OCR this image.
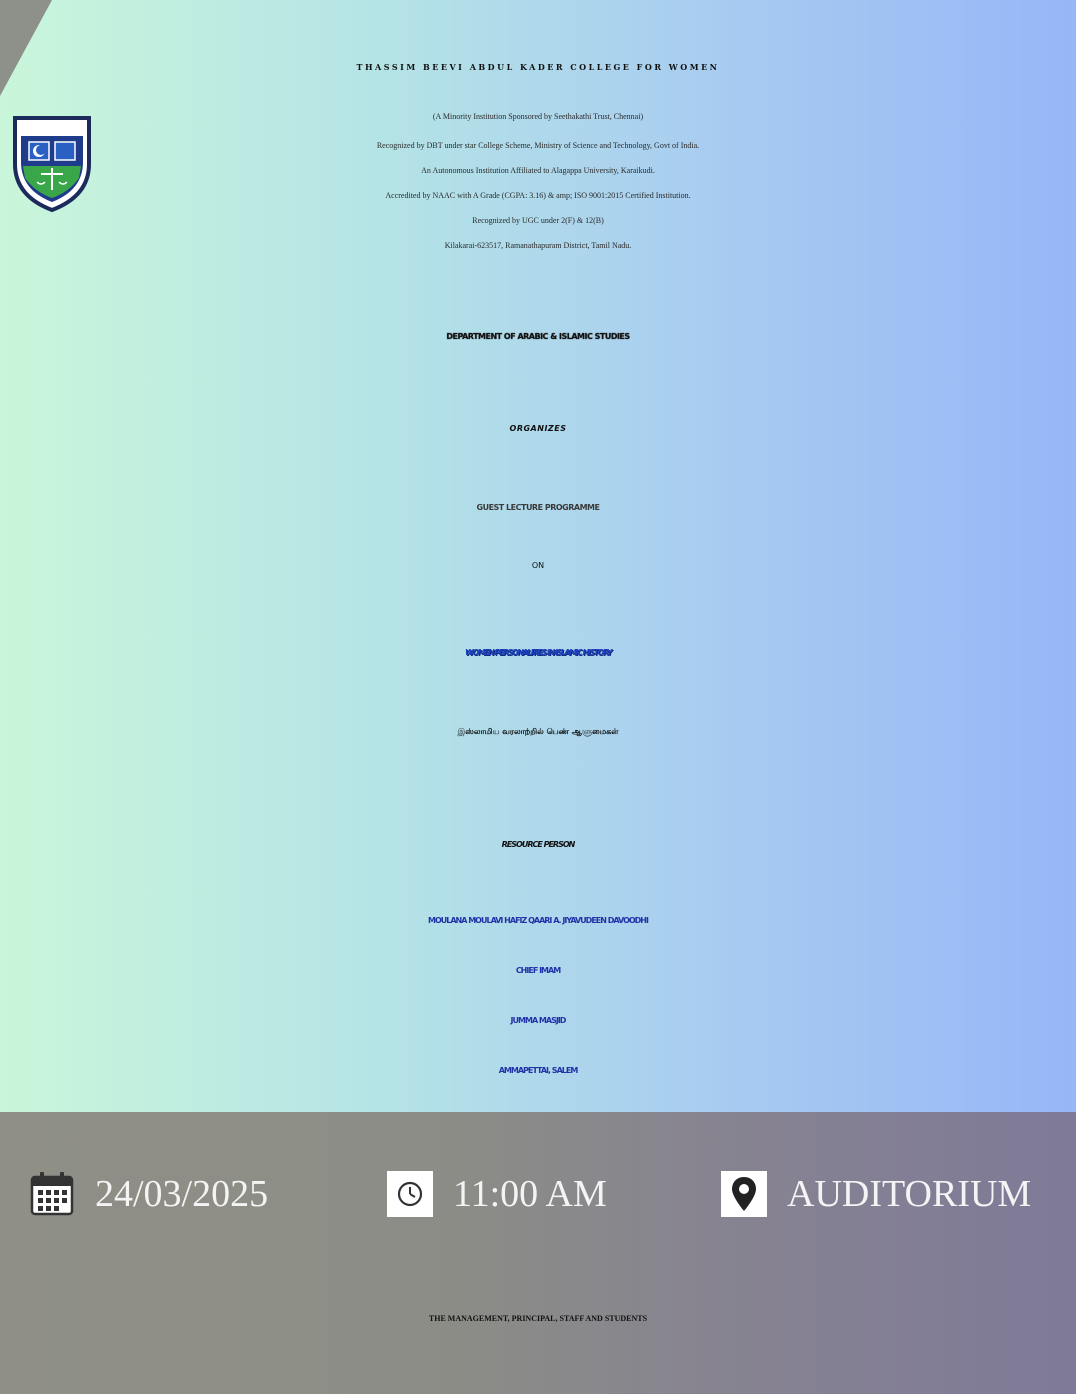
THASSIM BEEVI ABDUL KADER COLLEGE FOR WOMEN

(A Minority Institution Sponsored by Seethakathi Trust, Chennai)

Recognized by DBT under star College Scheme, Ministry of Science and Technology, Govt of India.

An Autonomous Institution Affiliated to Alagappa University, Karaikudi.

Accredited by NAAC with A Grade (CGPA: 3.16) & amp; ISO 9001:2015 Certified Institution.

Recognized by UGC under 2(F) & 12(B)

Kilakarai-623517, Ramanathapuram District, Tamil Nadu.

DEPARTMENT OF ARABIC & ISLAMIC STUDIES
ORGANIZES
GUEST LECTURE PROGRAMME
ON
WOMEN PERSONALITIES IN ISLAMIC HISTORY
இஸ்லாமிய வரலாற்றில் பெண் ஆளுமைகள்
RESOURCE PERSON
MOULANA MOULAVI HAFIZ QAARI A. JIYAVUDEEN DAVOODHI
CHIEF IMAM
JUMMA MASJID
AMMAPETTAI, SALEM
24/03/2025	11:00 AM	AUDITORIUM
THE MANAGEMENT, PRINCIPAL, STAFF AND STUDENTS
